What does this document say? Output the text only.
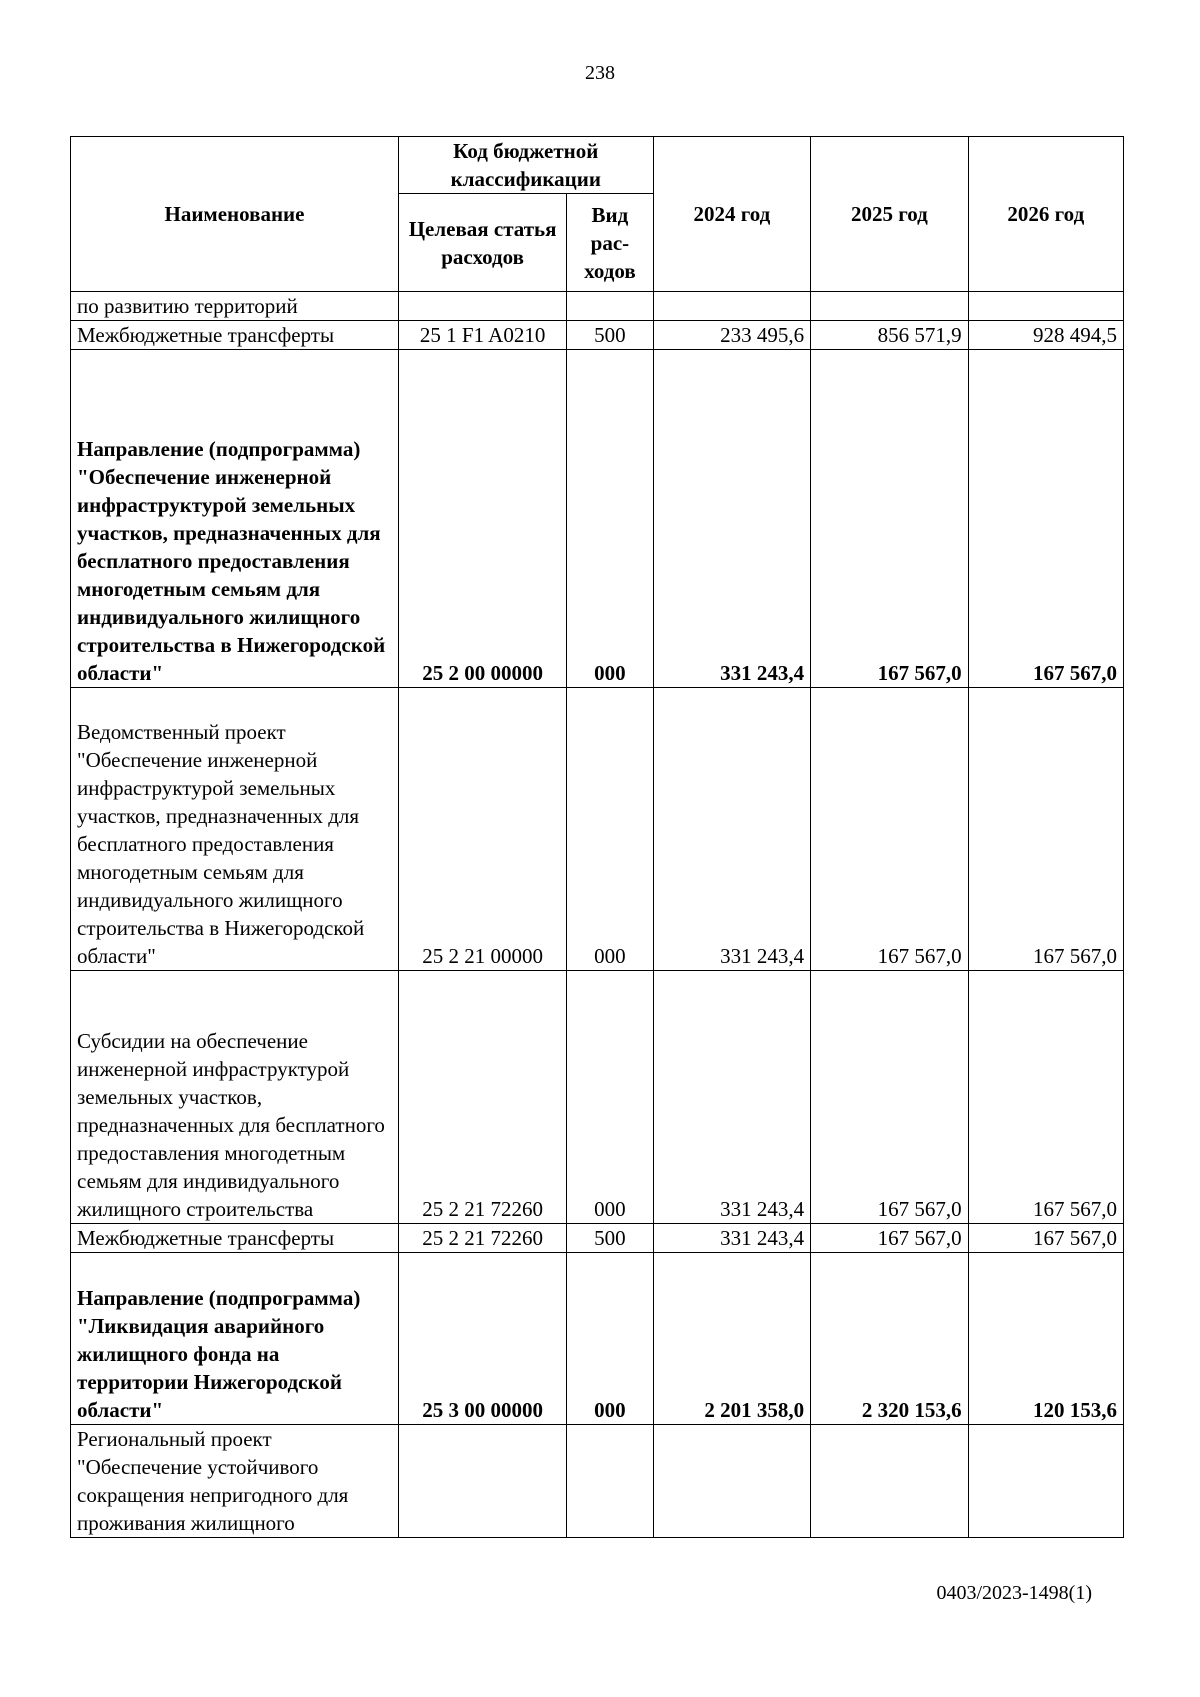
238
Наименование	Код бюджетной классификации		2024 год	2025 год	2026 год
	Целевая статья расходов	Вид рас-ходов			
по развитию территорий					
Межбюджетные трансферты	25 1 F1 A0210	500	233 495,6	856 571,9	928 494,5
Направление (подпрограмма) "Обеспечение инженерной инфраструктурой земельных участков, предназначенных для бесплатного предоставления многодетным семьям для индивидуального жилищного строительства в Нижегородской области"	25 2 00 00000	000	331 243,4	167 567,0	167 567,0
Ведомственный проект "Обеспечение инженерной инфраструктурой земельных участков, предназначенных для бесплатного предоставления многодетным семьям для индивидуального жилищного строительства в Нижегородской области"	25 2 21 00000	000	331 243,4	167 567,0	167 567,0
Субсидии на обеспечение инженерной инфраструктурой земельных участков, предназначенных для бесплатного предоставления многодетным семьям для индивидуального жилищного строительства	25 2 21 72260	000	331 243,4	167 567,0	167 567,0
Межбюджетные трансферты	25 2 21 72260	500	331 243,4	167 567,0	167 567,0
Направление (подпрограмма) "Ликвидация аварийного жилищного фонда на территории Нижегородской области"	25 3 00 00000	000	2 201 358,0	2 320 153,6	120 153,6
Региональный проект "Обеспечение устойчивого сокращения непригодного для проживания жилищного					
0403/2023-1498(1)
